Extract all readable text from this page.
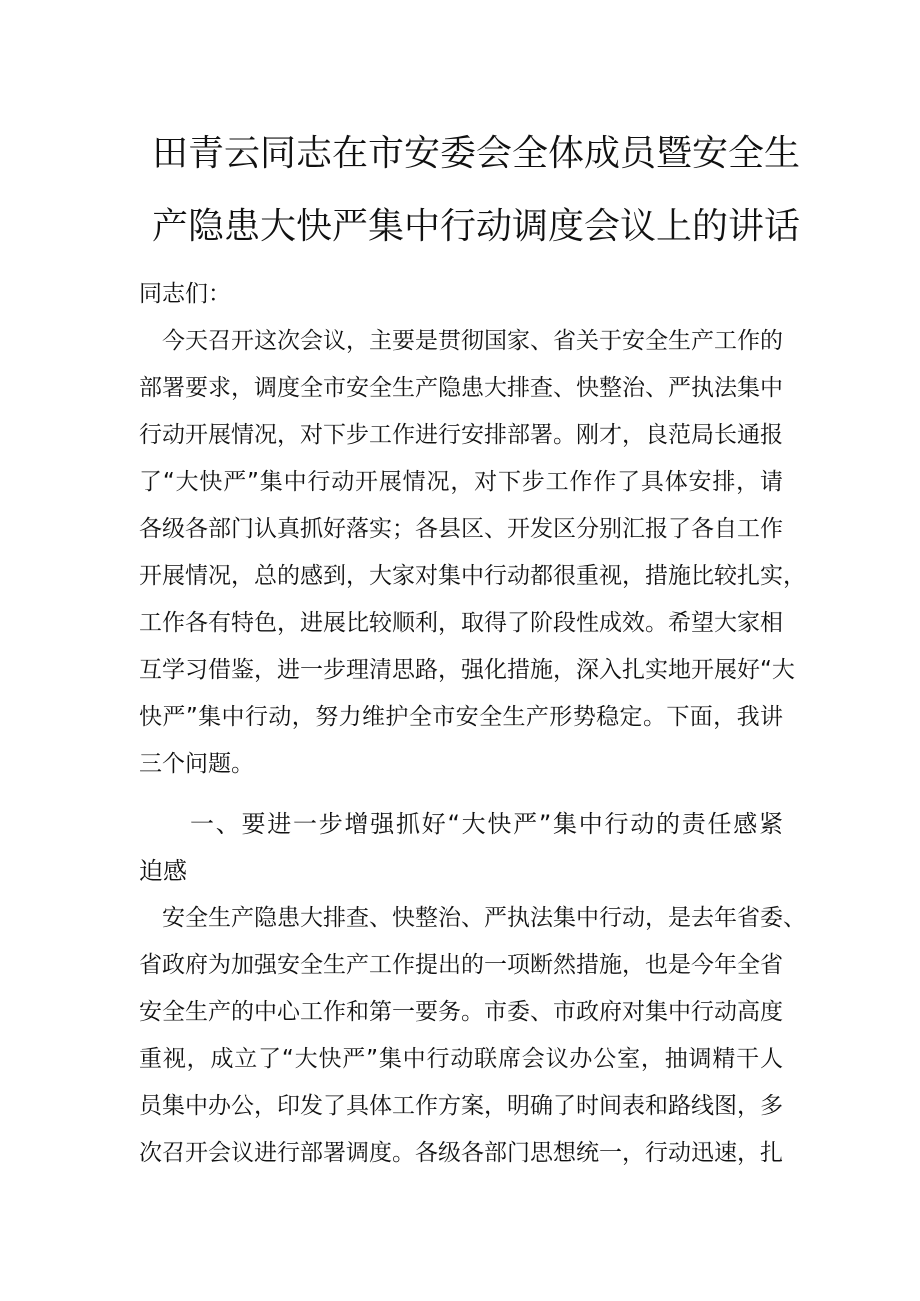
田青云同志在市安委会全体成员暨安全生
产隐患大快严集中行动调度会议上的讲话
同志们：
今天召开这次会议，主要是贯彻国家、省关于安全生产工作的
部署要求，调度全市安全生产隐患大排查、快整治、严执法集中
行动开展情况，对下步工作进行安排部署。刚才，良范局长通报
了“大快严”集中行动开展情况，对下步工作作了具体安排，请
各级各部门认真抓好落实；各县区、开发区分别汇报了各自工作
开展情况，总的感到，大家对集中行动都很重视，措施比较扎实，
工作各有特色，进展比较顺利，取得了阶段性成效。希望大家相
互学习借鉴，进一步理清思路，强化措施，深入扎实地开展好“大
快严”集中行动，努力维护全市安全生产形势稳定。下面，我讲
三个问题。
一、要进一步增强抓好“大快严”集中行动的责任感紧
迫感
安全生产隐患大排查、快整治、严执法集中行动，是去年省委、
省政府为加强安全生产工作提出的一项断然措施，也是今年全省
安全生产的中心工作和第一要务。市委、市政府对集中行动高度
重视，成立了“大快严”集中行动联席会议办公室，抽调精干人
员集中办公，印发了具体工作方案，明确了时间表和路线图，多
次召开会议进行部署调度。各级各部门思想统一，行动迅速，扎
